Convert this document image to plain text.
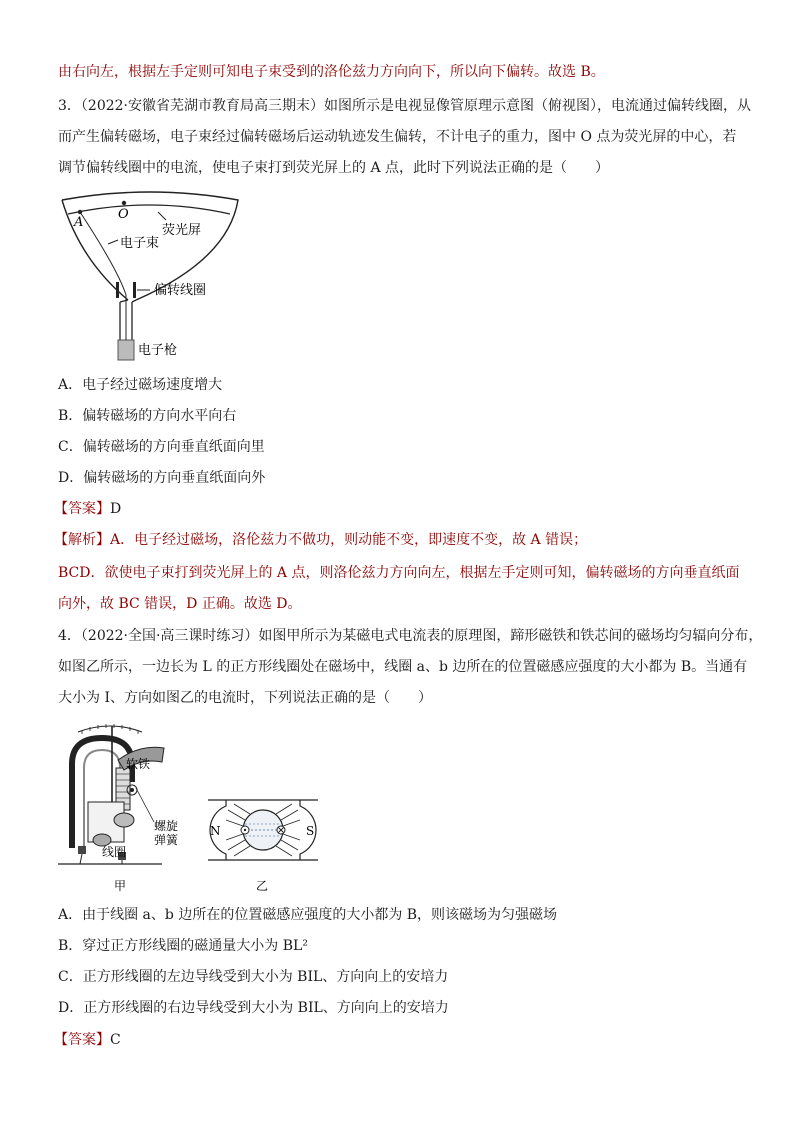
由右向左，根据左手定则可知电子束受到的洛伦兹力方向向下，所以向下偏转。故选 B。
3．（2022·安徽省芜湖市教育局高三期末）如图所示是电视显像管原理示意图（俯视图），电流通过偏转线圈，从
而产生偏转磁场，电子束经过偏转磁场后运动轨迹发生偏转，不计电子的重力，图中 O 点为荧光屏的中心，若
调节偏转线圈中的电流，使电子束打到荧光屏上的 A 点，此时下列说法正确的是（　　）
A
O
荧光屏
电子束
偏转线圈
电子枪
A．电子经过磁场速度增大
B．偏转磁场的方向水平向右
C．偏转磁场的方向垂直纸面向里
D．偏转磁场的方向垂直纸面向外
【答案】D
【解析】A．电子经过磁场，洛伦兹力不做功，则动能不变，即速度不变，故 A 错误；
BCD．欲使电子束打到荧光屏上的 A 点，则洛伦兹力方向向左，根据左手定则可知，偏转磁场的方向垂直纸面
向外，故 BC 错误，D 正确。故选 D。
4．（2022·全国·高三课时练习）如图甲所示为某磁电式电流表的原理图，蹄形磁铁和铁芯间的磁场均匀辐向分布，
如图乙所示，一边长为 L 的正方形线圈处在磁场中，线圈 a、b 边所在的位置磁感应强度的大小都为 B。当通有
大小为 I、方向如图乙的电流时，下列说法正确的是（　　）
软铁
螺旋
弹簧
线圈
甲
N	S
乙
A．由于线圈 a、b 边所在的位置磁感应强度的大小都为 B，则该磁场为匀强磁场
B．穿过正方形线圈的磁通量大小为 BL²
C．正方形线圈的左边导线受到大小为 BIL、方向向上的安培力
D．正方形线圈的右边导线受到大小为 BIL、方向向上的安培力
【答案】C
